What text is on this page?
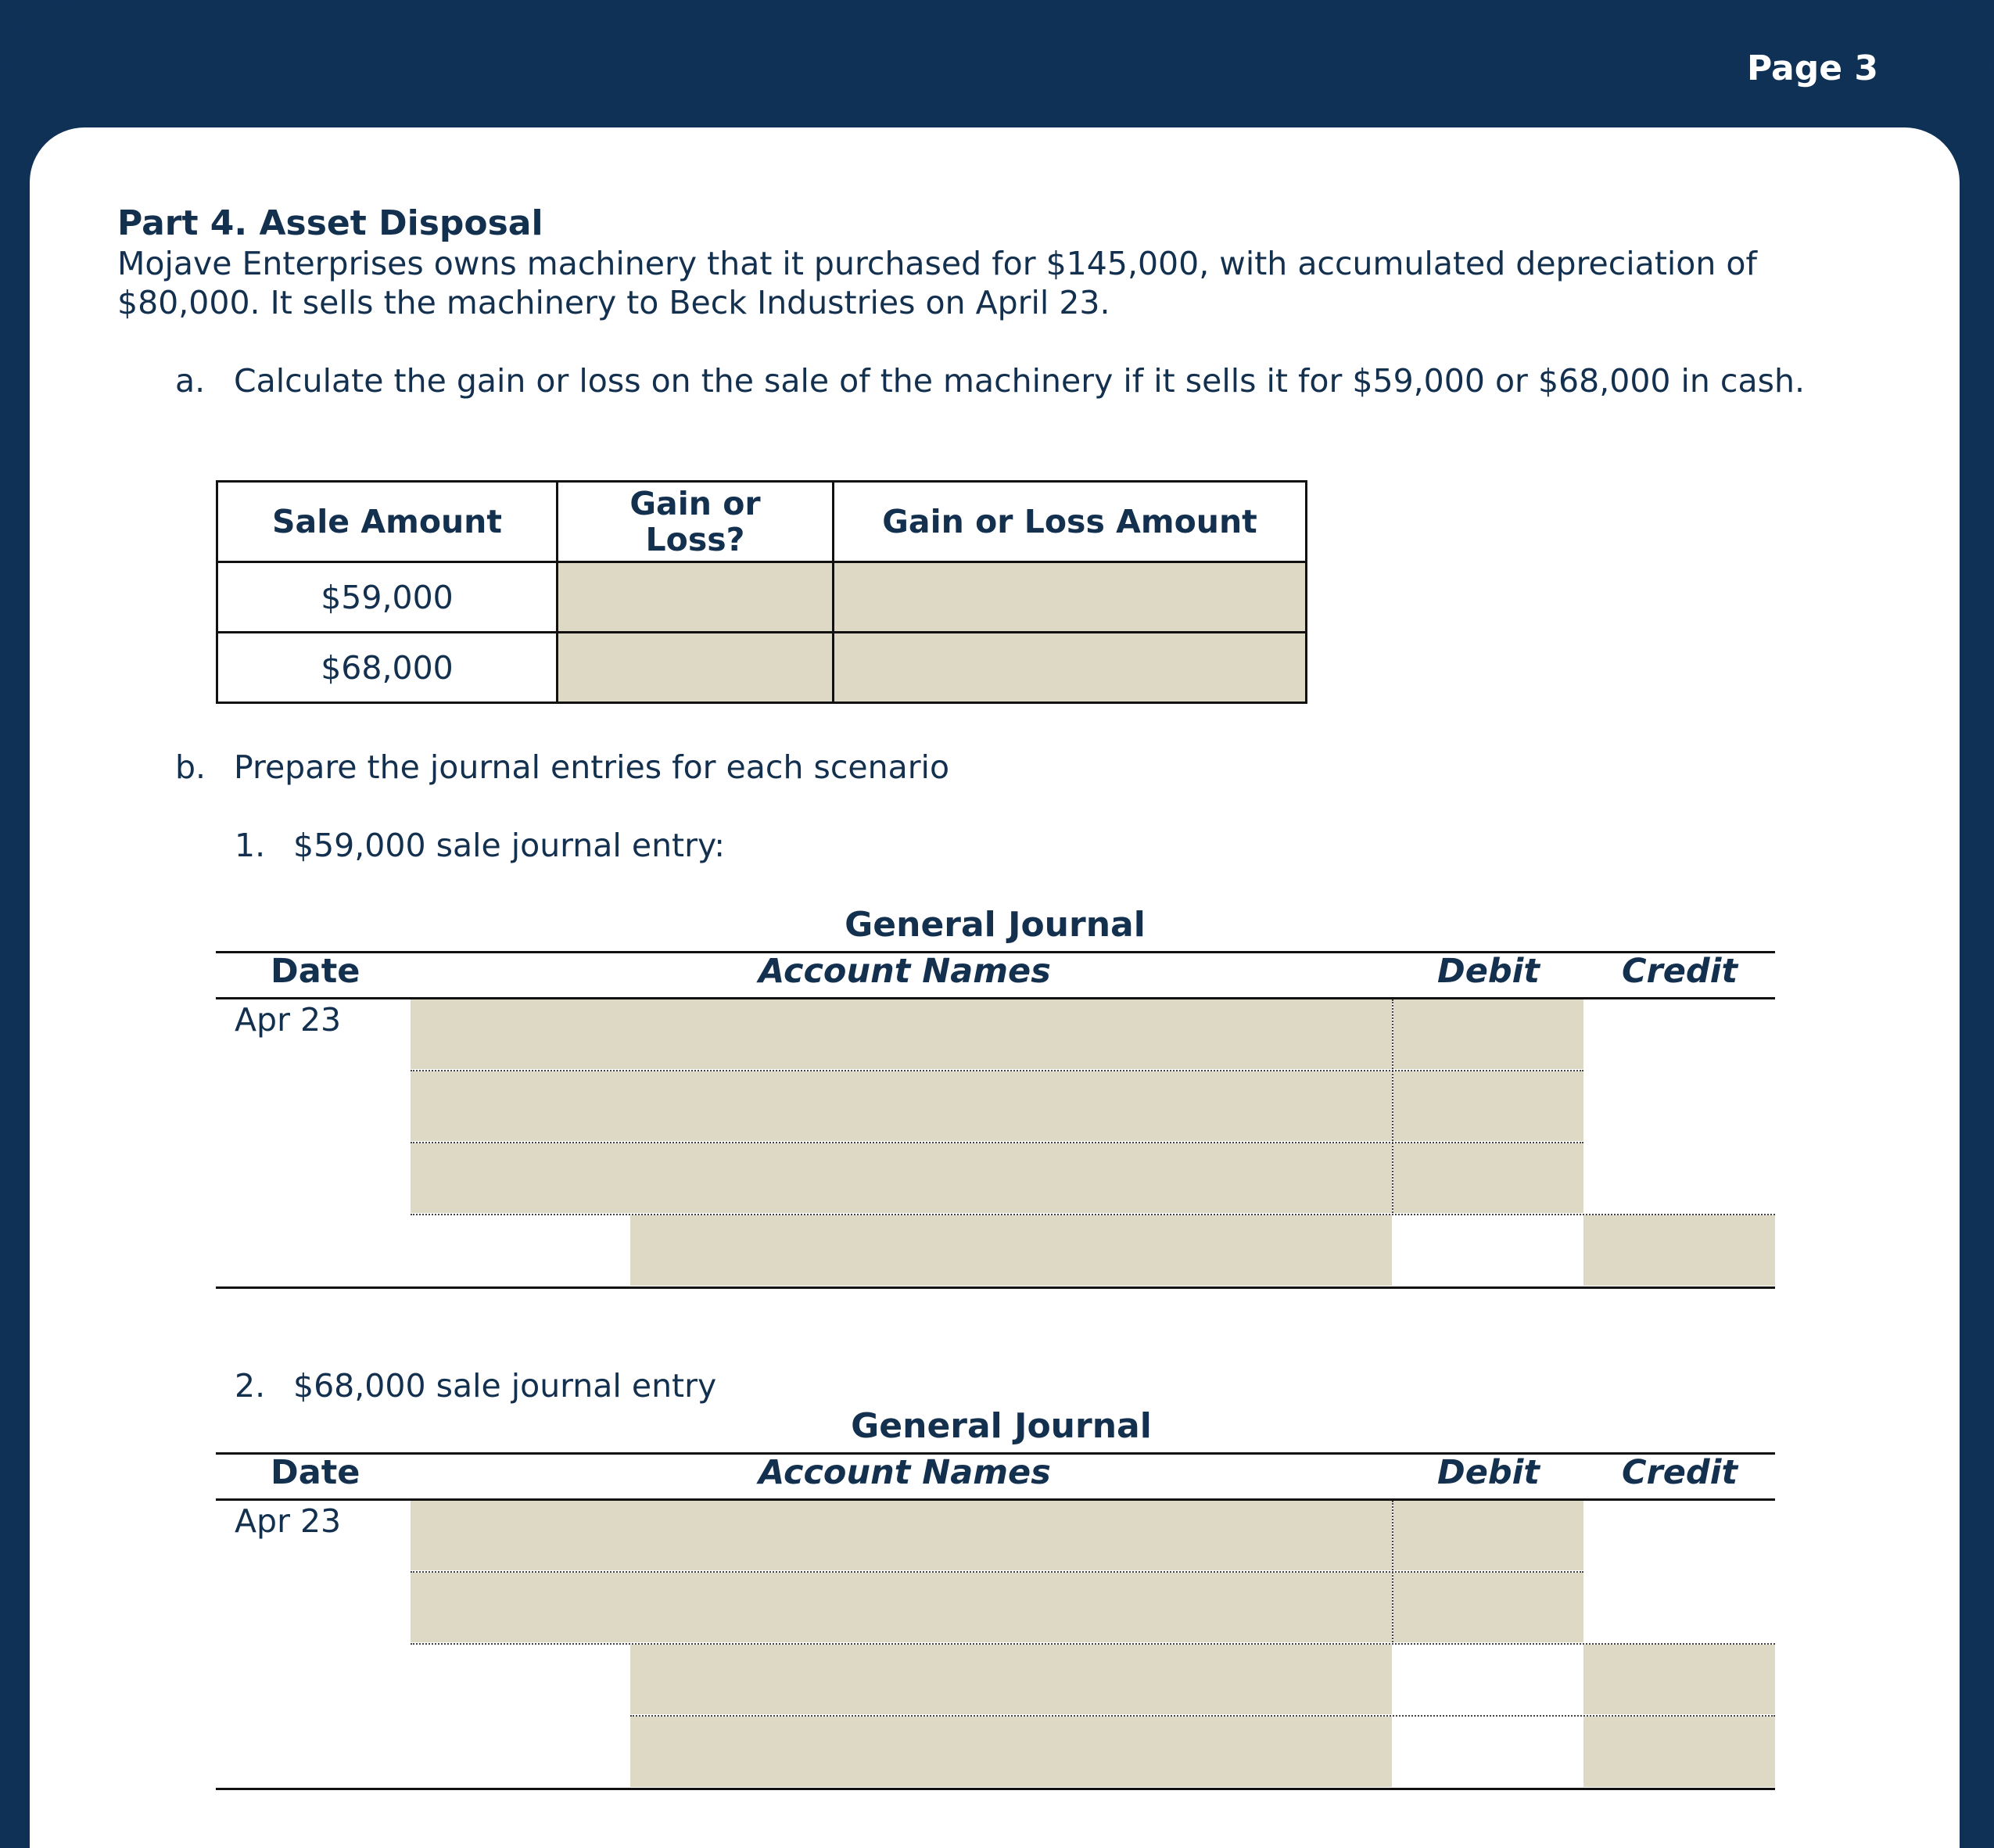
Page 3
Part 4. Asset Disposal
Mojave Enterprises owns machinery that it purchased for $145,000, with accumulated depreciation of
$80,000. It sells the machinery to Beck Industries on April 23.
a. Calculate the gain or loss on the sale of the machinery if it sells it for $59,000 or $68,000 in cash.
Sale Amount	Gain or Loss?	Gain or Loss Amount
$59,000		
$68,000		
b. Prepare the journal entries for each scenario
1. $59,000 sale journal entry:
General Journal
Date	Account Names	Debit Credit
Apr 23
2. $68,000 sale journal entry
General Journal
Date	Account Names	Debit Credit
Apr 23
